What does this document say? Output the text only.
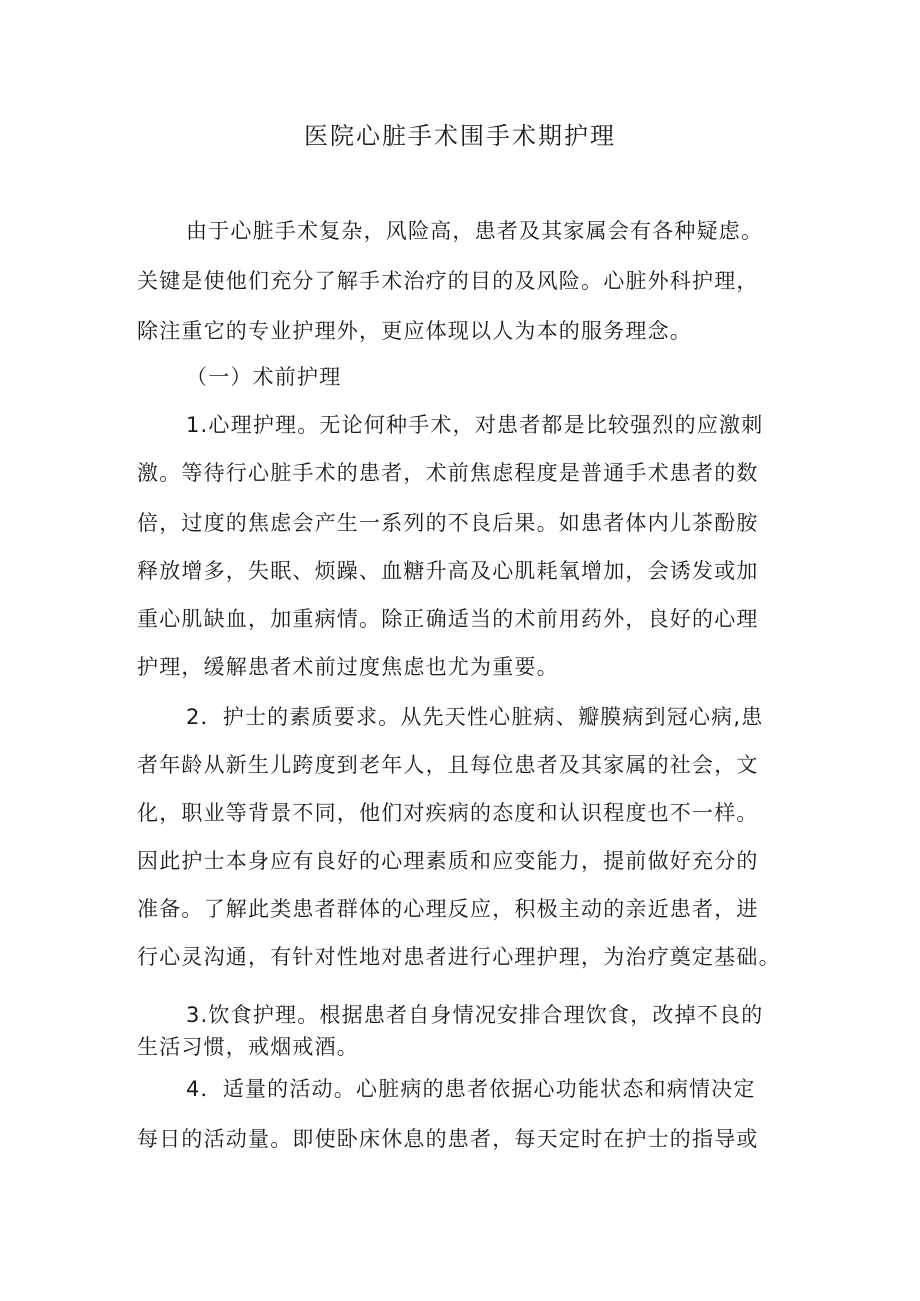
医院心脏手术围手术期护理

由于心脏手术复杂，风险高，患者及其家属会有各种疑虑。

关键是使他们充分了解手术治疗的目的及风险。心脏外科护理，

除注重它的专业护理外，更应体现以人为本的服务理念。

（一）术前护理

1.心理护理。无论何种手术，对患者都是比较强烈的应激刺

激。等待行心脏手术的患者，术前焦虑程度是普通手术患者的数

倍，过度的焦虑会产生一系列的不良后果。如患者体内儿茶酚胺

释放增多，失眠、烦躁、血糖升高及心肌耗氧增加，会诱发或加

重心肌缺血，加重病情。除正确适当的术前用药外，良好的心理

护理，缓解患者术前过度焦虑也尤为重要。

2．护士的素质要求。从先天性心脏病、瓣膜病到冠心病,患

者年龄从新生儿跨度到老年人，且每位患者及其家属的社会，文

化，职业等背景不同，他们对疾病的态度和认识程度也不一样。

因此护士本身应有良好的心理素质和应变能力，提前做好充分的

准备。了解此类患者群体的心理反应，积极主动的亲近患者，进

行心灵沟通，有针对性地对患者进行心理护理，为治疗奠定基础。

3.饮食护理。根据患者自身情况安排合理饮食，改掉不良的

生活习惯，戒烟戒酒。

4．适量的活动。心脏病的患者依据心功能状态和病情决定

每日的活动量。即使卧床休息的患者，每天定时在护士的指导或
